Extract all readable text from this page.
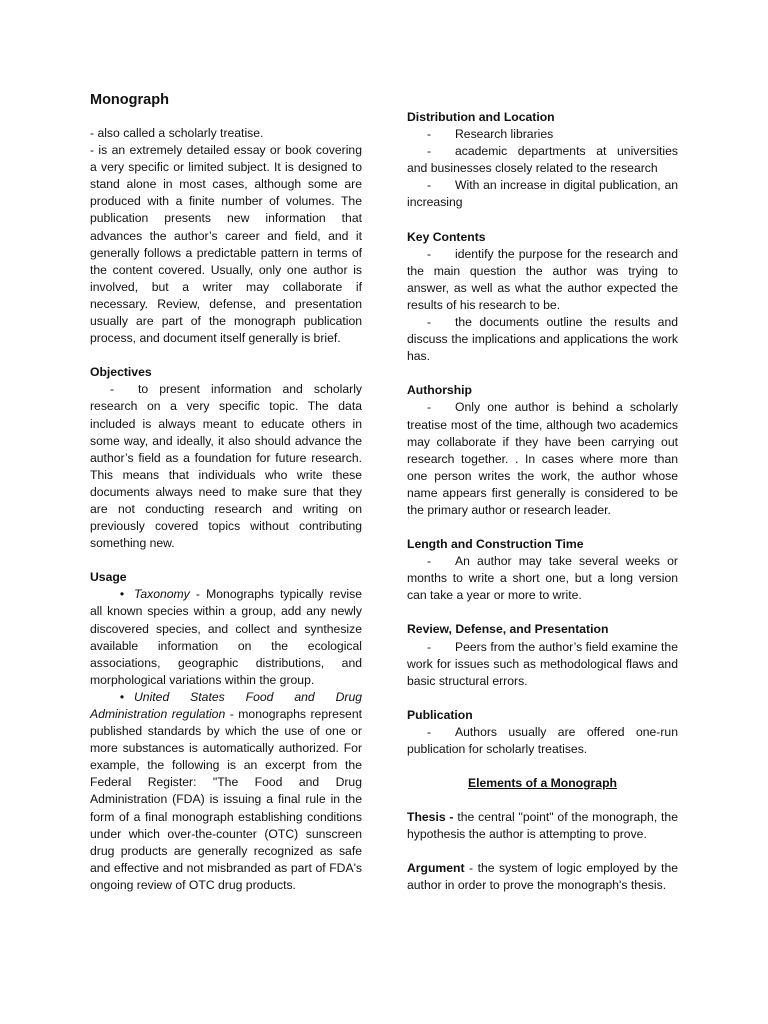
Monograph

- also called a scholarly treatise.

- is an extremely detailed essay or book covering a very specific or limited subject. It is designed to stand alone in most cases, although some are produced with a finite number of volumes. The publication presents new information that advances the author’s career and field, and it generally follows a predictable pattern in terms of the content covered. Usually, only one author is involved, but a writer may collaborate if necessary. Review, defense, and presentation usually are part of the monograph publication process, and document itself generally is brief.

Objectives

- to present information and scholarly research on a very specific topic. The data included is always meant to educate others in some way, and ideally, it also should advance the author’s field as a foundation for future research. This means that individuals who write these documents always need to make sure that they are not conducting research and writing on previously covered topics without contributing something new.

Usage

• Taxonomy - Monographs typically revise all known species within a group, add any newly discovered species, and collect and synthesize available information on the ecological associations, geographic distributions, and morphological variations within the group.

• United States Food and Drug Administration regulation - monographs represent published standards by which the use of one or more substances is automatically authorized. For example, the following is an excerpt from the Federal Register: "The Food and Drug Administration (FDA) is issuing a final rule in the form of a final monograph establishing conditions under which over-the-counter (OTC) sunscreen drug products are generally recognized as safe and effective and not misbranded as part of FDA's ongoing review of OTC drug products.

Distribution and Location

- Research libraries

- academic departments at universities and businesses closely related to the research

- With an increase in digital publication, an increasing

Key Contents

- identify the purpose for the research and the main question the author was trying to answer, as well as what the author expected the results of his research to be.

- the documents outline the results and discuss the implications and applications the work has.

Authorship

- Only one author is behind a scholarly treatise most of the time, although two academics may collaborate if they have been carrying out research together. . In cases where more than one person writes the work, the author whose name appears first generally is considered to be the primary author or research leader.

Length and Construction Time

- An author may take several weeks or months to write a short one, but a long version can take a year or more to write.

Review, Defense, and Presentation

- Peers from the author’s field examine the work for issues such as methodological flaws and basic structural errors.

Publication

- Authors usually are offered one-run publication for scholarly treatises.

Elements of a Monograph

Thesis - the central "point" of the monograph, the hypothesis the author is attempting to prove.

Argument - the system of logic employed by the author in order to prove the monograph's thesis.
